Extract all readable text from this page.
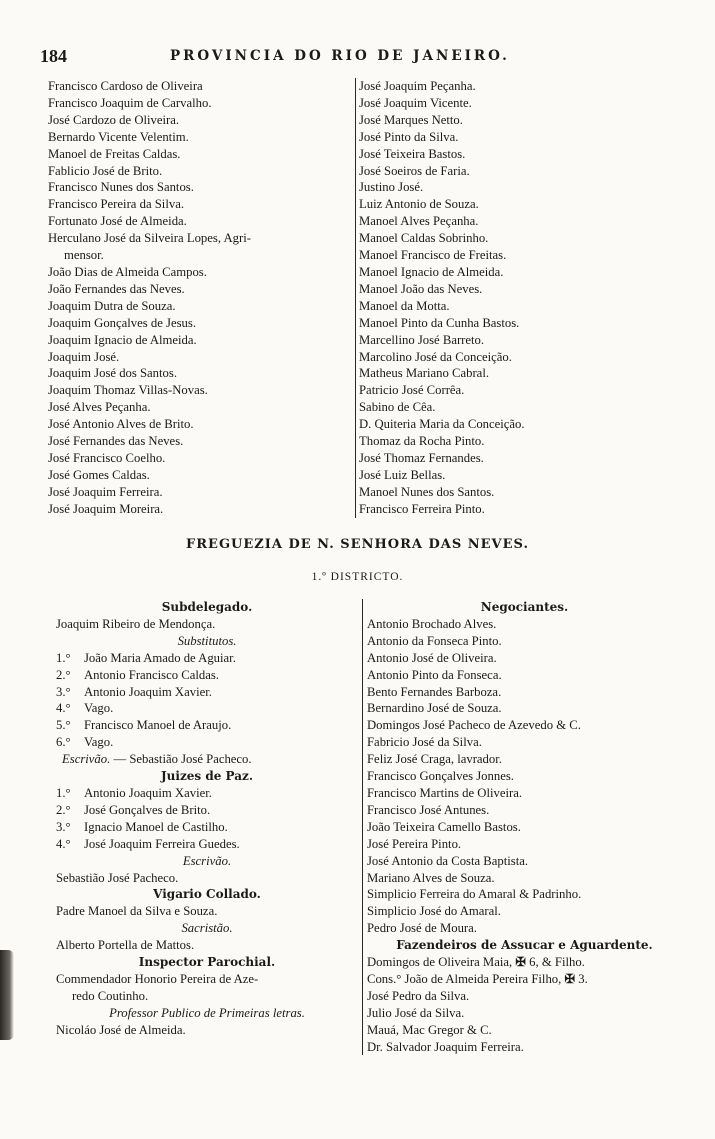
184	PROVINCIA DO RIO DE JANEIRO.
Francisco Cardoso de Oliveira
Francisco Joaquim de Carvalho.
José Cardozo de Oliveira.
Bernardo Vicente Velentim.
Manoel de Freitas Caldas.
Fablicio José de Brito.
Francisco Nunes dos Santos.
Francisco Pereira da Silva.
Fortunato José de Almeida.
Herculano José da Silveira Lopes, Agri-
mensor.
João Dias de Almeida Campos.
João Fernandes das Neves.
Joaquim Dutra de Souza.
Joaquim Gonçalves de Jesus.
Joaquim Ignacio de Almeida.
Joaquim José.
Joaquim José dos Santos.
Joaquim Thomaz Villas-Novas.
José Alves Peçanha.
José Antonio Alves de Brito.
José Fernandes das Neves.
José Francisco Coelho.
José Gomes Caldas.
José Joaquim Ferreira.
José Joaquim Moreira.
José Joaquim Peçanha.
José Joaquim Vicente.
José Marques Netto.
José Pinto da Silva.
José Teixeira Bastos.
José Soeiros de Faria.
Justino José.
Luiz Antonio de Souza.
Manoel Alves Peçanha.
Manoel Caldas Sobrinho.
Manoel Francisco de Freitas.
Manoel Ignacio de Almeida.
Manoel João das Neves.
Manoel da Motta.
Manoel Pinto da Cunha Bastos.
Marcellino José Barreto.
Marcolino José da Conceição.
Matheus Mariano Cabral.
Patricio José Corrêa.
Sabino de Cêa.
D. Quiteria Maria da Conceição.
Thomaz da Rocha Pinto.
José Thomaz Fernandes.
José Luiz Bellas.
Manoel Nunes dos Santos.
Francisco Ferreira Pinto.
FREGUEZIA DE N. SENHORA DAS NEVES.
1.º DISTRICTO.
Subdelegado.
Joaquim Ribeiro de Mendonça.
Substitutos.
1.° João Maria Amado de Aguiar.
2.° Antonio Francisco Caldas.
3.° Antonio Joaquim Xavier.
4.° Vago.
5.° Francisco Manoel de Araujo.
6.° Vago.
Escrivão. — Sebastião José Pacheco.
Juizes de Paz.
1.° Antonio Joaquim Xavier.
2.° José Gonçalves de Brito.
3.° Ignacio Manoel de Castilho.
4.° José Joaquim Ferreira Guedes.
Escrivão.
Sebastião José Pacheco.
Vigario Collado.
Padre Manoel da Silva e Souza.
Sacristão.
Alberto Portella de Mattos.
Inspector Parochial.
Commendador Honorio Pereira de Aze-
redo Coutinho.
Professor Publico de Primeiras letras.
Nicoláo José de Almeida.
Negociantes.
Antonio Brochado Alves.
Antonio da Fonseca Pinto.
Antonio José de Oliveira.
Antonio Pinto da Fonseca.
Bento Fernandes Barboza.
Bernardino José de Souza.
Domingos José Pacheco de Azevedo & C.
Fabricio José da Silva.
Feliz José Craga, lavrador.
Francisco Gonçalves Jonnes.
Francisco Martins de Oliveira.
Francisco José Antunes.
João Teixeira Camello Bastos.
José Pereira Pinto.
José Antonio da Costa Baptista.
Mariano Alves de Souza.
Simplicio Ferreira do Amaral & Padrinho.
Simplicio José do Amaral.
Pedro José de Moura.
Fazendeiros de Assucar e Aguardente.
Domingos de Oliveira Maia, ✠ 6, & Filho.
Cons.° João de Almeida Pereira Filho, ✠ 3.
José Pedro da Silva.
Julio José da Silva.
Mauá, Mac Gregor & C.
Dr. Salvador Joaquim Ferreira.
